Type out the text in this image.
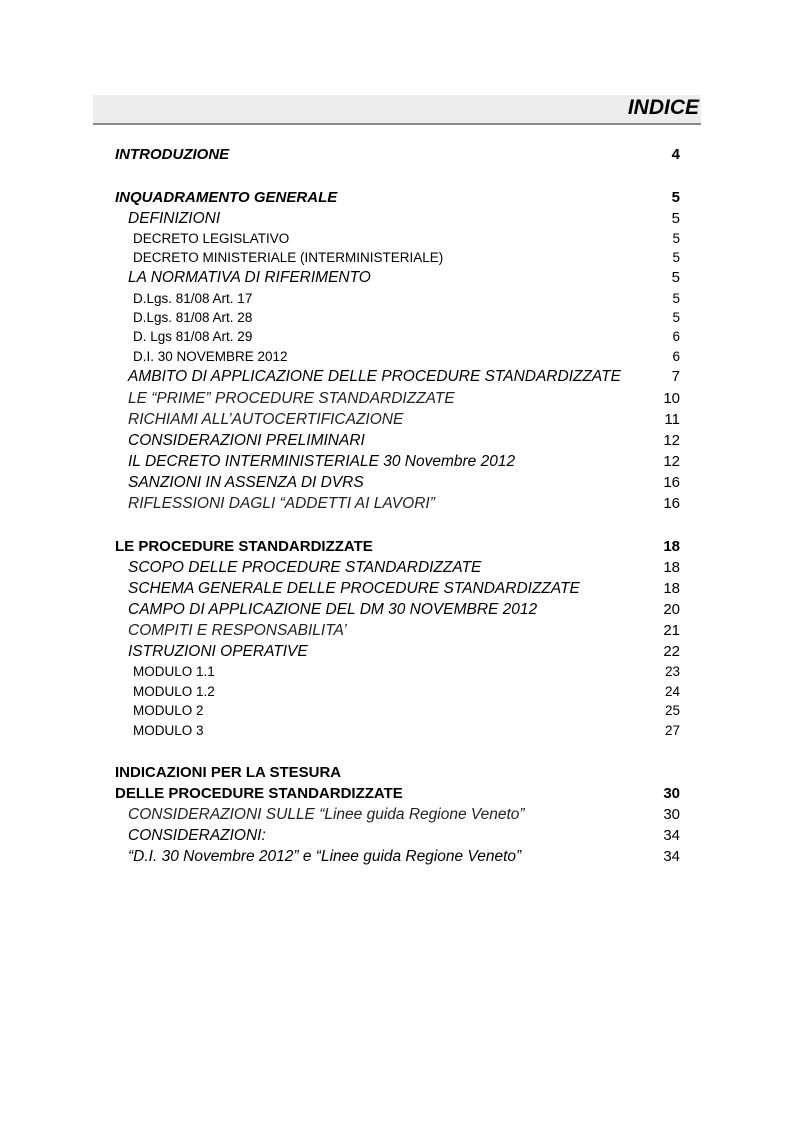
INDICE
INTRODUZIONE	4
INQUADRAMENTO GENERALE	5
DEFINIZIONI	5
DECRETO LEGISLATIVO	5
DECRETO MINISTERIALE (INTERMINISTERIALE)	5
LA NORMATIVA DI RIFERIMENTO	5
D.Lgs. 81/08 Art. 17	5
D.Lgs. 81/08 Art. 28	5
D. Lgs 81/08 Art. 29	6
D.I. 30 NOVEMBRE 2012	6
AMBITO DI APPLICAZIONE DELLE PROCEDURE STANDARDIZZATE	7
LE “PRIME” PROCEDURE STANDARDIZZATE	10
RICHIAMI ALL’AUTOCERTIFICAZIONE	11
CONSIDERAZIONI PRELIMINARI	12
IL DECRETO INTERMINISTERIALE 30 Novembre 2012	12
SANZIONI IN ASSENZA DI DVRS	16
RIFLESSIONI DAGLI “ADDETTI AI LAVORI”	16
LE PROCEDURE STANDARDIZZATE	18
SCOPO DELLE PROCEDURE STANDARDIZZATE	18
SCHEMA GENERALE DELLE PROCEDURE STANDARDIZZATE	18
CAMPO DI APPLICAZIONE DEL DM 30 NOVEMBRE 2012	20
COMPITI E RESPONSABILITA’	21
ISTRUZIONI OPERATIVE	22
MODULO 1.1	23
MODULO 1.2	24
MODULO 2	25
MODULO 3	27
INDICAZIONI PER LA STESURA
DELLE PROCEDURE STANDARDIZZATE	30
CONSIDERAZIONI SULLE “Linee guida Regione Veneto”	30
CONSIDERAZIONI:	34
“D.I. 30 Novembre 2012” e “Linee guida Regione Veneto”	34
